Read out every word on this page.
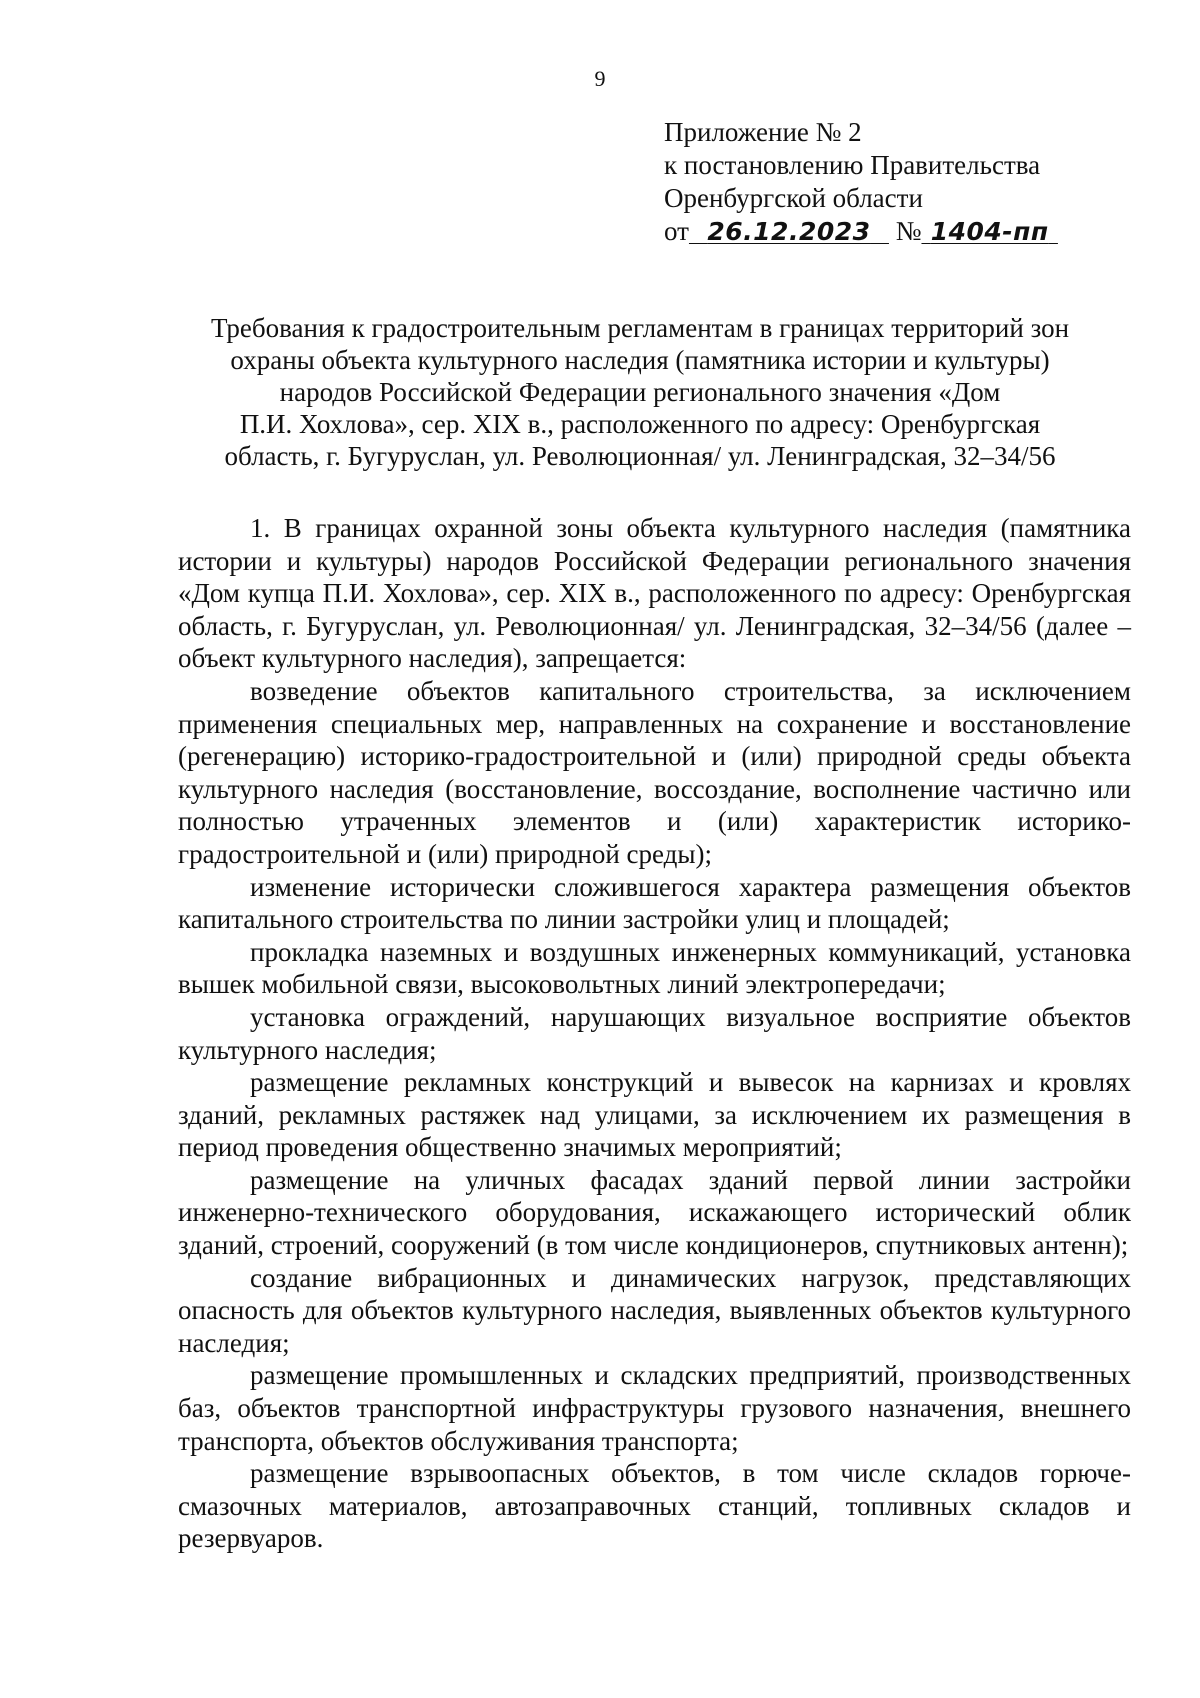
9
Приложение № 2
к постановлению Правительства
Оренбургской области
от 26.12.2023 № 1404-пп
Требования к градостроительным регламентам в границах территорий зон
охраны объекта культурного наследия (памятника истории и культуры)
народов Российской Федерации регионального значения «Дом
П.И. Хохлова», сер. XIX в., расположенного по адресу: Оренбургская
область, г. Бугуруслан, ул. Революционная/ ул. Ленинградская, 32–34/56

1. В границах охранной зоны объекта культурного наследия (памятника истории и культуры) народов Российской Федерации регионального значения «Дом купца П.И. Хохлова», сер. XIX в., расположенного по адресу: Оренбургская область, г. Бугуруслан, ул. Революционная/ ул. Ленинградская, 32–34/56 (далее – объект культурного наследия), запрещается:

возведение объектов капитального строительства, за исключением применения специальных мер, направленных на сохранение и восстановление (регенерацию) историко-градостроительной и (или) природной среды объекта культурного наследия (восстановление, воссоздание, восполнение частично или полностью утраченных элементов и (или) характеристик историко-градостроительной и (или) природной среды);

изменение исторически сложившегося характера размещения объектов капитального строительства по линии застройки улиц и площадей;

прокладка наземных и воздушных инженерных коммуникаций, установка вышек мобильной связи, высоковольтных линий электропередачи;

установка ограждений, нарушающих визуальное восприятие объектов культурного наследия;

размещение рекламных конструкций и вывесок на карнизах и кровлях зданий, рекламных растяжек над улицами, за исключением их размещения в период проведения общественно значимых мероприятий;

размещение на уличных фасадах зданий первой линии застройки инженерно-технического оборудования, искажающего исторический облик зданий, строений, сооружений (в том числе кондиционеров, спутниковых антенн);

создание вибрационных и динамических нагрузок, представляющих опасность для объектов культурного наследия, выявленных объектов культурного наследия;

размещение промышленных и складских предприятий, производственных баз, объектов транспортной инфраструктуры грузового назначения, внешнего транспорта, объектов обслуживания транспорта;

размещение взрывоопасных объектов, в том числе складов горюче-смазочных материалов, автозаправочных станций, топливных складов и резервуаров.
